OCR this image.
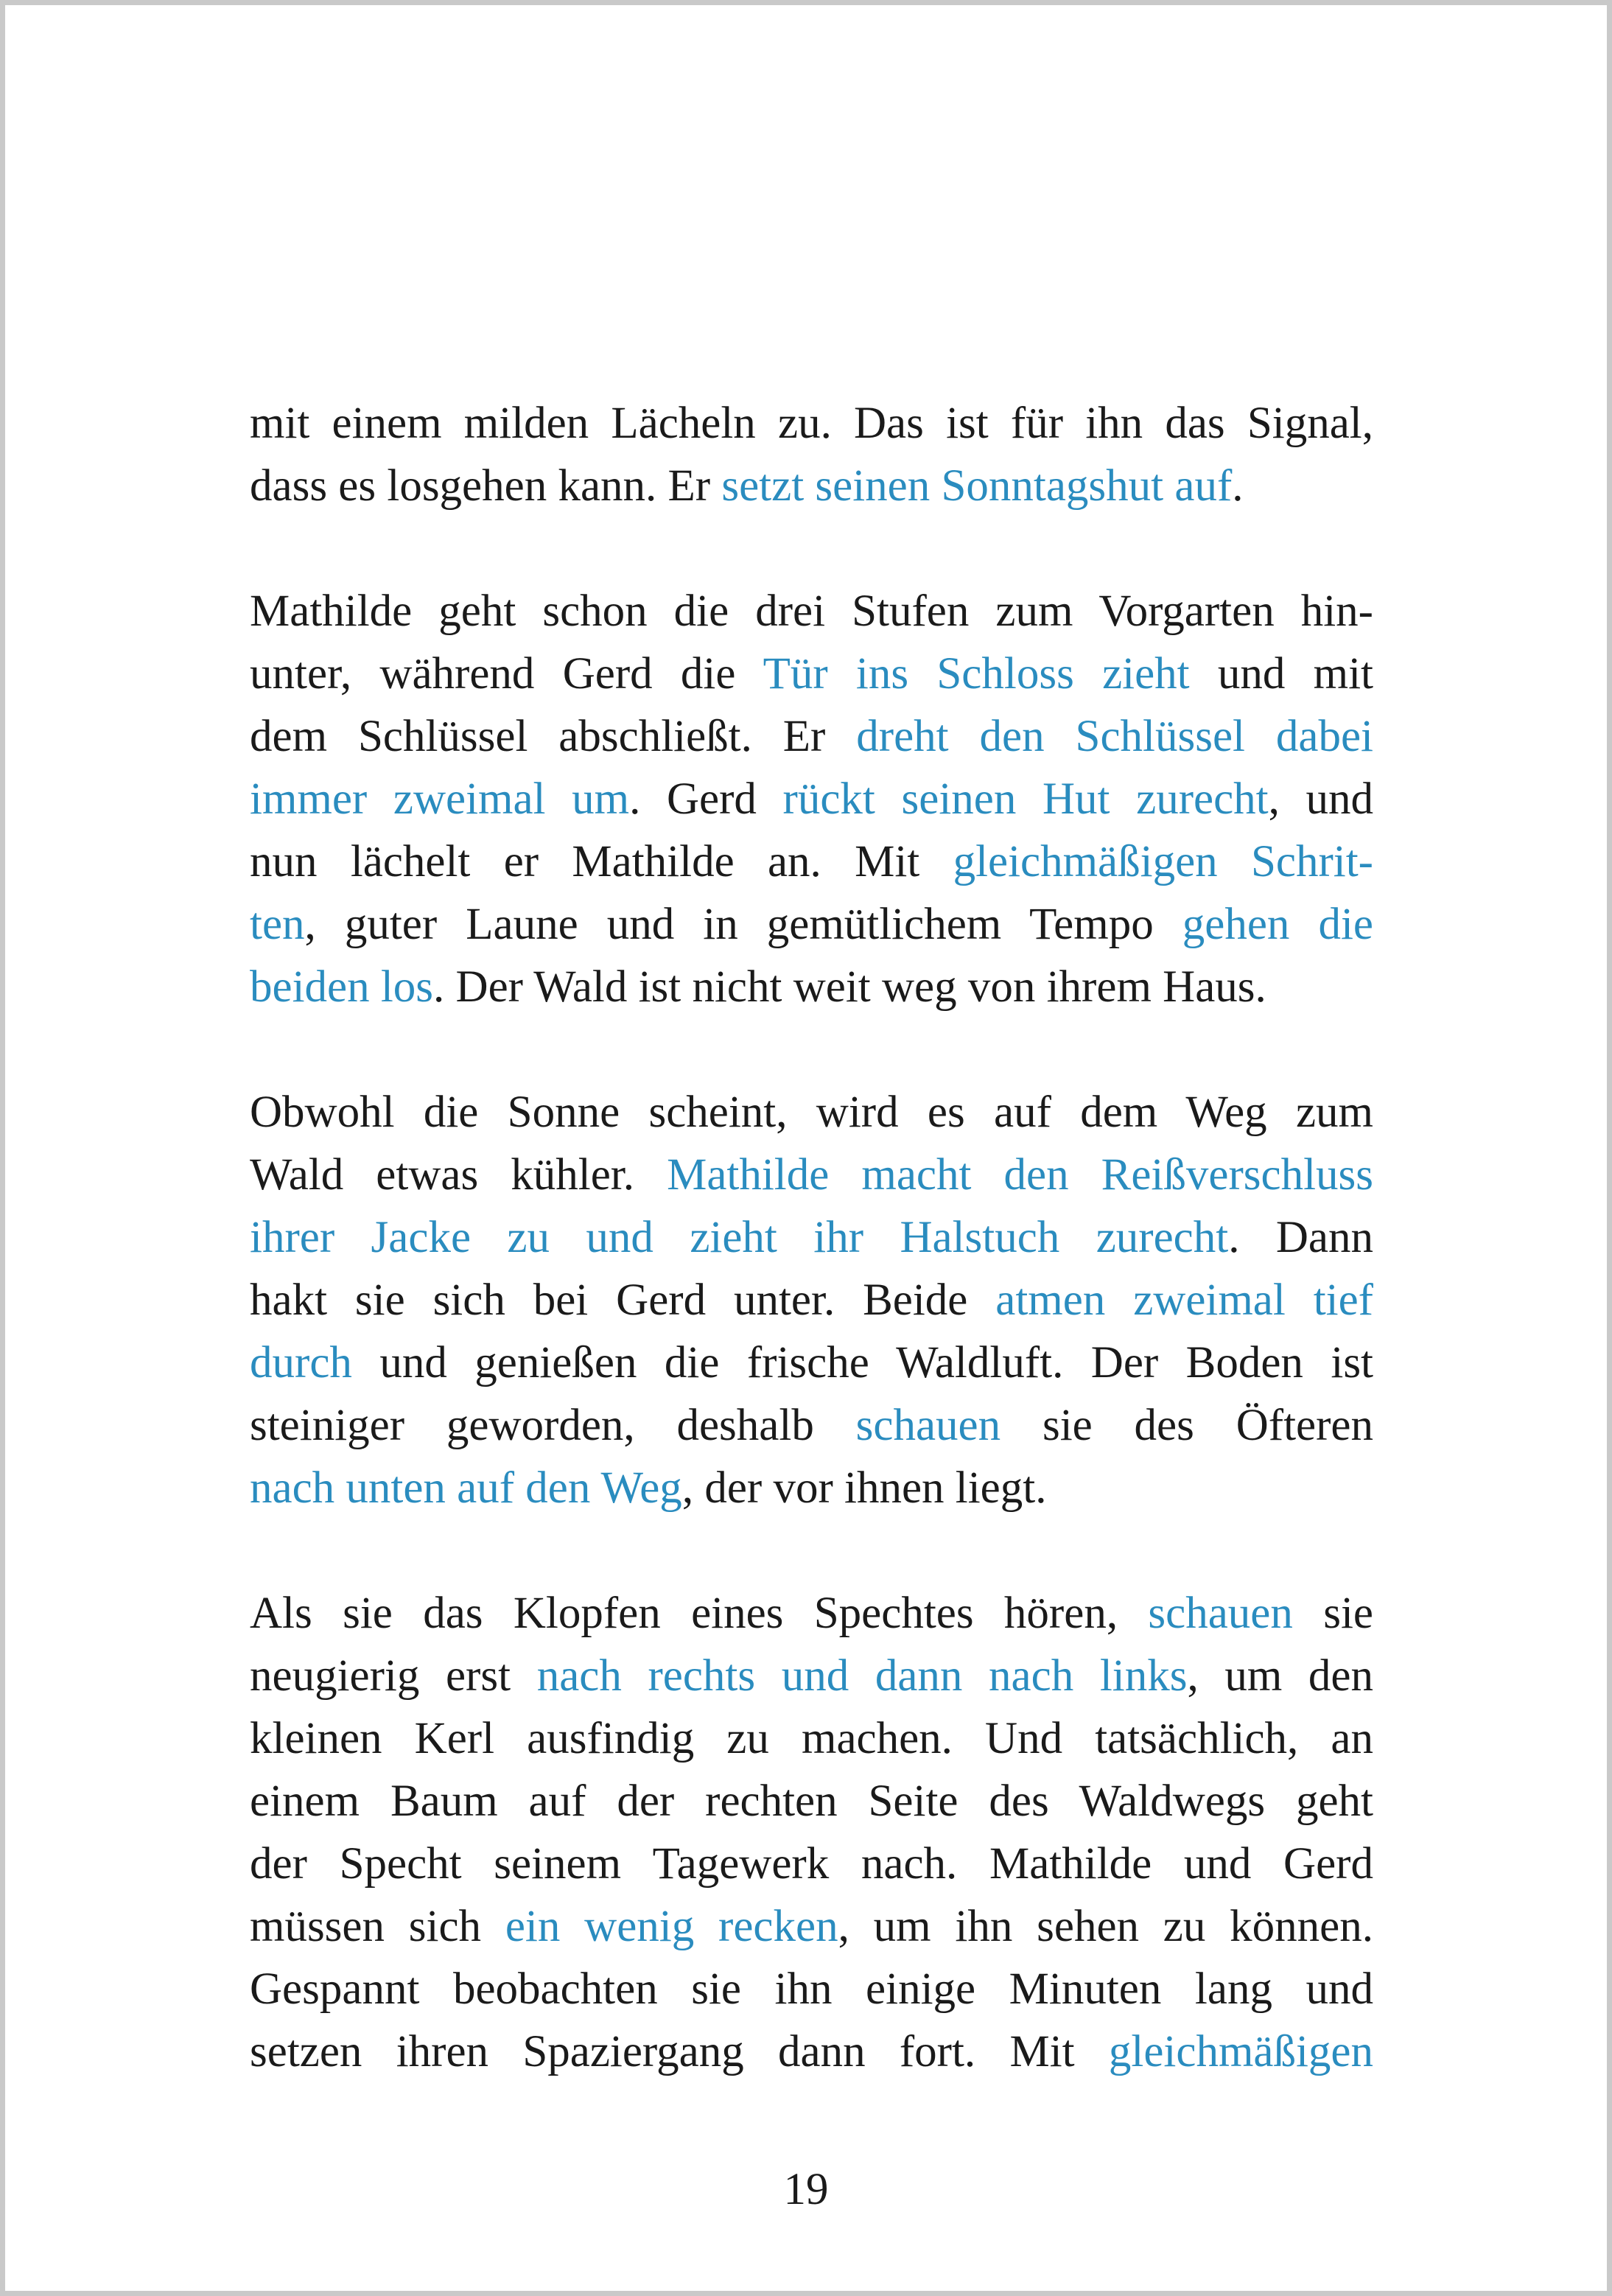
mit einem milden Lächeln zu. Das ist für ihn das Signal,
dass es losgehen kann. Er setzt seinen Sonntagshut auf.
Mathilde geht schon die drei Stufen zum Vorgarten hin-
unter, während Gerd die Tür ins Schloss zieht und mit
dem Schlüssel abschließt. Er dreht den Schlüssel dabei
immer zweimal um. Gerd rückt seinen Hut zurecht, und
nun lächelt er Mathilde an. Mit gleichmäßigen Schrit-
ten, guter Laune und in gemütlichem Tempo gehen die
beiden los. Der Wald ist nicht weit weg von ihrem Haus.
Obwohl die Sonne scheint, wird es auf dem Weg zum
Wald etwas kühler. Mathilde macht den Reißverschluss
ihrer Jacke zu und zieht ihr Halstuch zurecht. Dann
hakt sie sich bei Gerd unter. Beide atmen zweimal tief
durch und genießen die frische Waldluft. Der Boden ist
steiniger geworden, deshalb schauen sie des Öfteren
nach unten auf den Weg, der vor ihnen liegt.
Als sie das Klopfen eines Spechtes hören, schauen sie
neugierig erst nach rechts und dann nach links, um den
kleinen Kerl ausfindig zu machen. Und tatsächlich, an
einem Baum auf der rechten Seite des Waldwegs geht
der Specht seinem Tagewerk nach. Mathilde und Gerd
müssen sich ein wenig recken, um ihn sehen zu können.
Gespannt beobachten sie ihn einige Minuten lang und
setzen ihren Spaziergang dann fort. Mit gleichmäßigen
19
